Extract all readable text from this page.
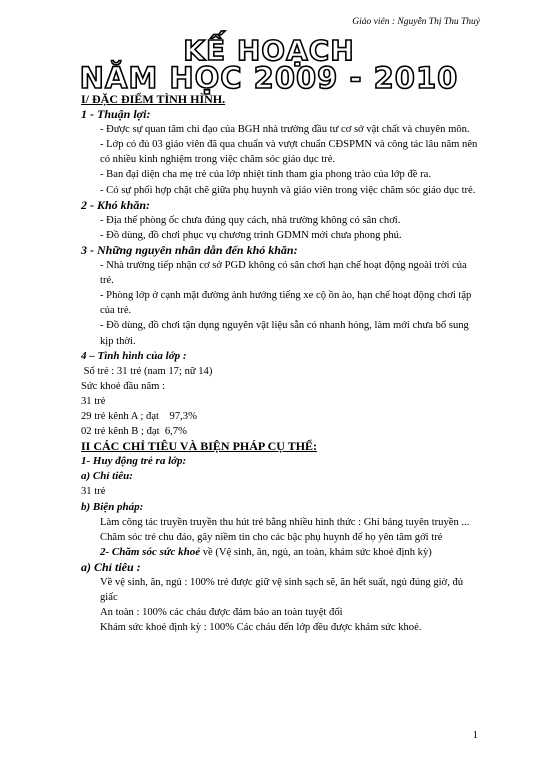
Giáo viên : Nguyễn Thị Thu Thuỷ
KẾ HOẠCH
NĂM HỌC 2009 - 2010

I/ ĐẶC ĐIỂM TÌNH HÌNH.

1 - Thuận lợi:

- Được sự quan tâm chỉ đạo của BGH nhà trường đầu tư cơ sở vật chất và chuyên môn.

- Lớp có đủ 03 giáo viên đã qua chuẩn và vượt chuẩn CĐSPMN và công tác lâu năm nên có nhiều kinh nghiệm trong việc chăm sóc giáo dục trẻ.

- Ban đại diện cha mẹ trẻ của lớp nhiệt tình tham gia phong trào của lớp đề ra.

- Có sự phối hợp chặt chẽ giữa phụ huynh và giáo viên trong việc chăm sóc giáo dục trẻ.

2 - Khó khăn:

- Địa thế phòng ốc chưa đúng quy cách, nhà trường không có sân chơi.

- Đồ dùng, đồ chơi phục vụ chương trình GDMN mới chưa phong phú.

3 - Những nguyên nhân dẫn đến khó khăn:

- Nhà trường tiếp nhận cơ sở PGD không có sân chơi hạn chế hoạt động ngoài trời của trẻ.

- Phòng lớp ở cạnh mặt đường ảnh hưởng tiếng xe cộ ồn ào, hạn chế hoạt động chơi tập của trẻ.

- Đồ dùng, đồ chơi tận dụng nguyên vật liệu sẵn có nhanh hỏng, làm mới chưa bổ sung kịp thời.

4 – Tình hình của lớp :

Số trẻ : 31 trẻ (nam 17; nữ 14)

Sức khoẻ đầu năm :

31 trẻ

29 trẻ kênh A ; đạt    97,3%

02 trẻ kênh B ; đạt  6,7%

II CÁC CHỈ TIÊU VÀ BIỆN PHÁP CỤ THỂ:

1- Huy động trẻ ra lớp:

a) Chỉ tiêu:

31 trẻ

b) Biện pháp:

Làm công tác truyền truyền thu hút trẻ bằng nhiều hình thức : Ghi bảng tuyên truyền ...

Chăm sóc trẻ chu đáo, gây niềm tin cho các bậc phụ huynh để họ yên tâm gởi trẻ

2- Chăm sóc sức khoẻ về (Vệ sinh, ăn, ngủ, an toàn, khám sức khoẻ định kỳ)

a) Chỉ tiêu :

Về vệ sinh, ăn, ngủ : 100% trẻ được giữ vệ sinh sạch sẽ, ăn hết suất, ngủ đúng giờ, đủ giấc

An toàn : 100% các cháu được đảm bảo an toàn tuyệt đối

Khám sức khoẻ định kỳ : 100% Các cháu đến lớp đều được khám sức khoẻ.

1
